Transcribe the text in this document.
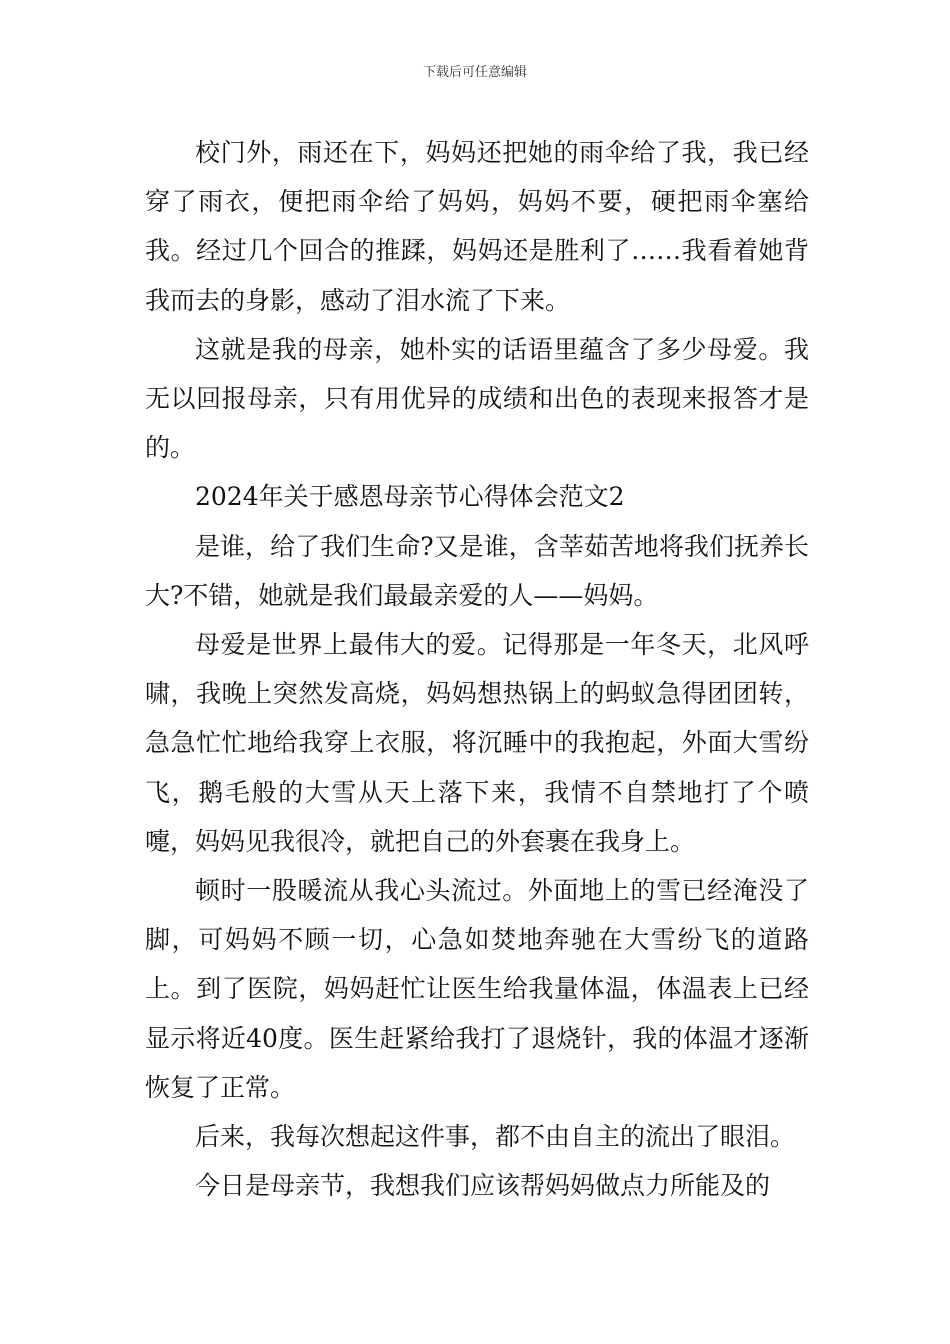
下载后可任意编辑

校门外，雨还在下，妈妈还把她的雨伞给了我，我已经穿了雨衣，便把雨伞给了妈妈，妈妈不要，硬把雨伞塞给我。经过几个回合的推蹂，妈妈还是胜利了……我看着她背我而去的身影，感动了泪水流了下来。

这就是我的母亲，她朴实的话语里蕴含了多少母爱。我无以回报母亲，只有用优异的成绩和出色的表现来报答才是的。

2024年关于感恩母亲节心得体会范文2

是谁，给了我们生命?又是谁，含莘茹苦地将我们抚养长大?不错，她就是我们最最亲爱的人——妈妈。

母爱是世界上最伟大的爱。记得那是一年冬天，北风呼啸，我晚上突然发高烧，妈妈想热锅上的蚂蚁急得团团转，急急忙忙地给我穿上衣服，将沉睡中的我抱起，外面大雪纷飞，鹅毛般的大雪从天上落下来，我情不自禁地打了个喷嚏，妈妈见我很冷，就把自己的外套裹在我身上。

顿时一股暖流从我心头流过。外面地上的雪已经淹没了脚，可妈妈不顾一切，心急如焚地奔驰在大雪纷飞的道路上。到了医院，妈妈赶忙让医生给我量体温，体温表上已经显示将近40度。医生赶紧给我打了退烧针，我的体温才逐渐恢复了正常。

后来，我每次想起这件事，都不由自主的流出了眼泪。

今日是母亲节，我想我们应该帮妈妈做点力所能及的
